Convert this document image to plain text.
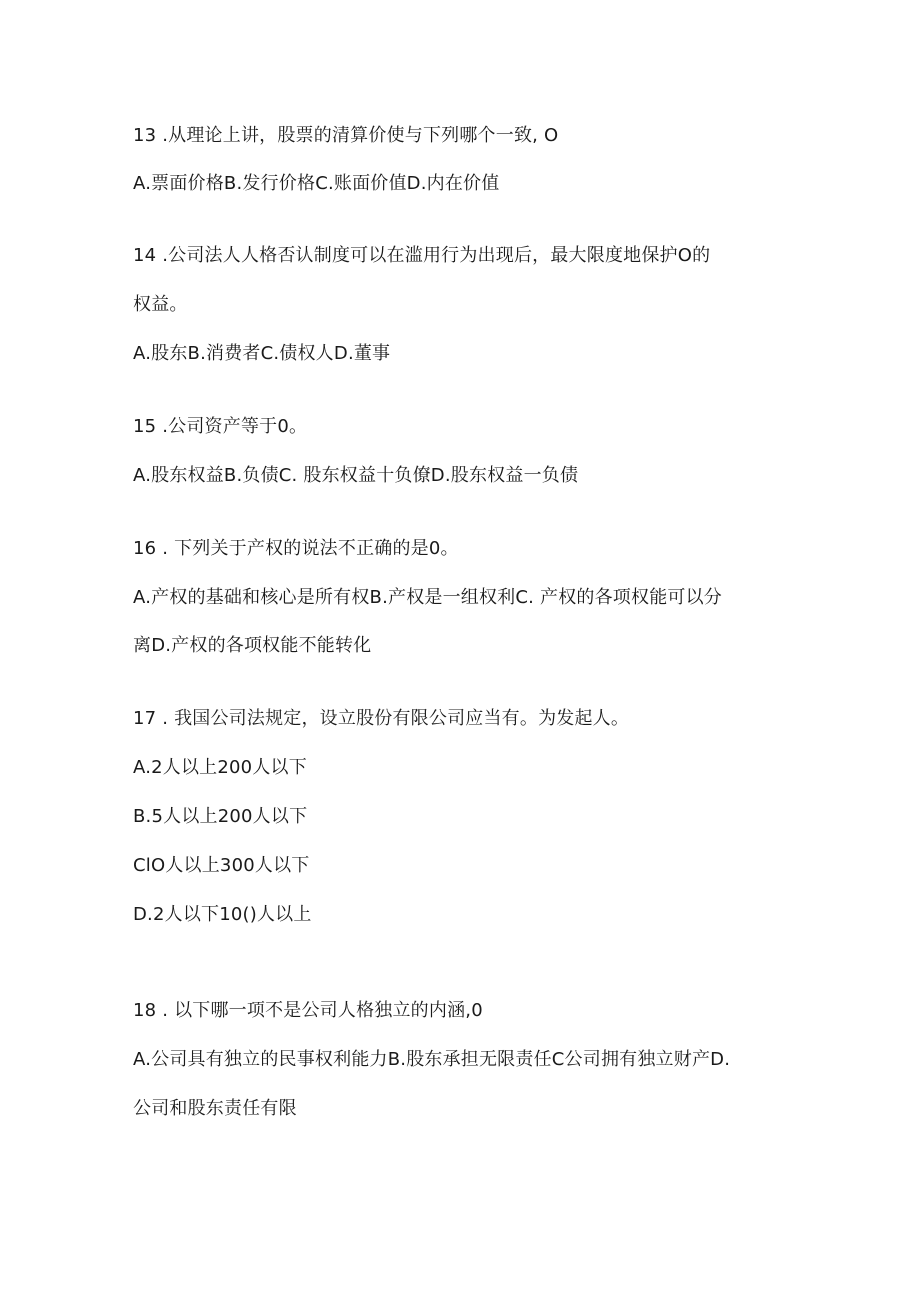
13 .从理论上讲，股票的清算价使与下列哪个一致, O
A.票面价格B.发行价格C.账面价值D.内在价值
14 .公司法人人格否认制度可以在滥用行为出现后，最大限度地保护O的
权益。
A.股东B.消费者C.债权人D.董事
15 .公司资产等于0。
A.股东权益B.负债C. 股东权益十负僚D.股东权益一负债
16 . 下列关于产权的说法不正确的是0。
A.产权的基础和核心是所有权B.产权是一组权利C. 产权的各项权能可以分
离D.产权的各项权能不能转化
17 . 我国公司法规定，设立股份有限公司应当有。为发起人。
A.2人以上200人以下
B.5人以上200人以下
ClO人以上300人以下
D.2人以下10()人以上
18 . 以下哪一项不是公司人格独立的内涵,0
A.公司具有独立的民事权利能力B.股东承担无限责任C公司拥有独立财产D.
公司和股东责任有限
